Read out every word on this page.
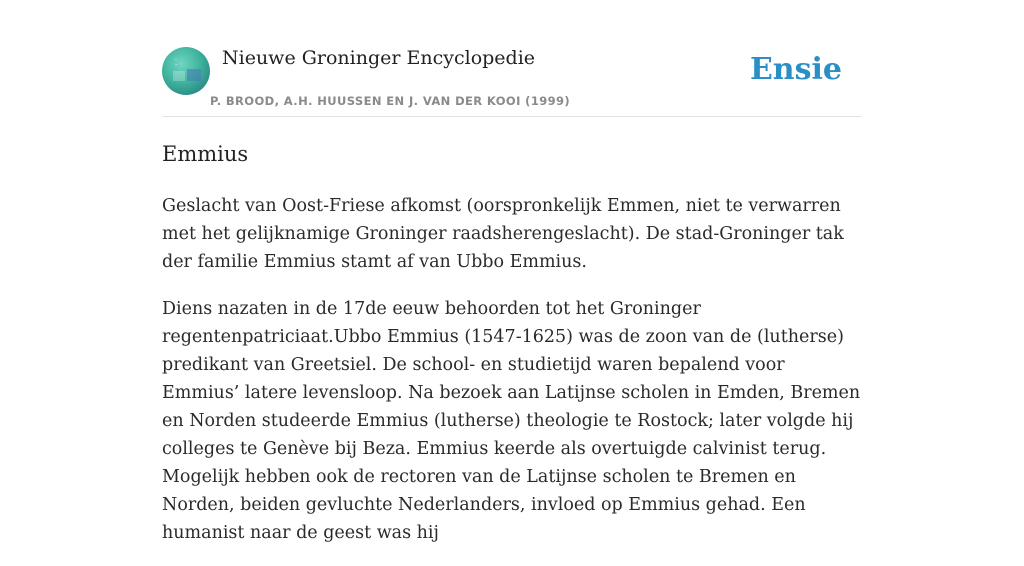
Nieuwe Groninger Encyclopedie
P. BROOD, A.H. HUUSSEN EN J. VAN DER KOOI (1999)
Ensie
Emmius

Geslacht van Oost-Friese afkomst (oorspronkelijk Emmen, niet te verwarren met het gelijknamige Groninger raadsherengeslacht). De stad-Groninger tak der familie Emmius stamt af van Ubbo Emmius.

Diens nazaten in de 17de eeuw behoorden tot het Groninger regentenpatriciaat.Ubbo Emmius (1547-1625) was de zoon van de (lutherse) predikant van Greetsiel. De school- en studietijd waren bepalend voor Emmius’ latere levensloop. Na bezoek aan Latijnse scholen in Emden, Bremen en Norden studeerde Emmius (lutherse) theologie te Rostock; later volgde hij colleges te Genève bij Beza. Emmius keerde als overtuigde calvinist terug. Mogelijk hebben ook de rectoren van de Latijnse scholen te Bremen en Norden, beiden gevluchte Nederlanders, invloed op Emmius gehad. Een humanist naar de geest was hij
